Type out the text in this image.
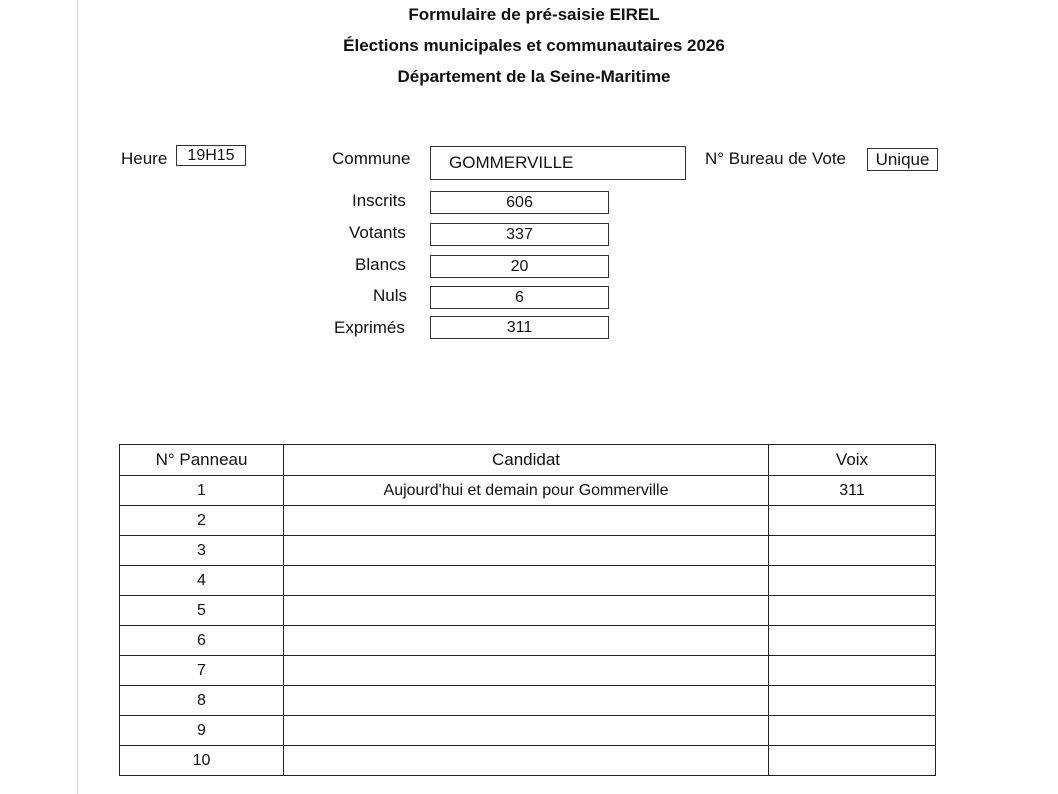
Formulaire de pré-saisie EIREL
Élections municipales et communautaires 2026
Département de la Seine-Maritime
Heure	19H15	Commune	GOMMERVILLE	N° Bureau de Vote	Unique
Inscrits	606
Votants	337
Blancs	20
Nuls	6
Exprimés	311
N° Panneau	Candidat	Voix
1	Aujourd'hui et demain pour Gommerville	311
2		
3		
4		
5		
6		
7		
8		
9		
10		
